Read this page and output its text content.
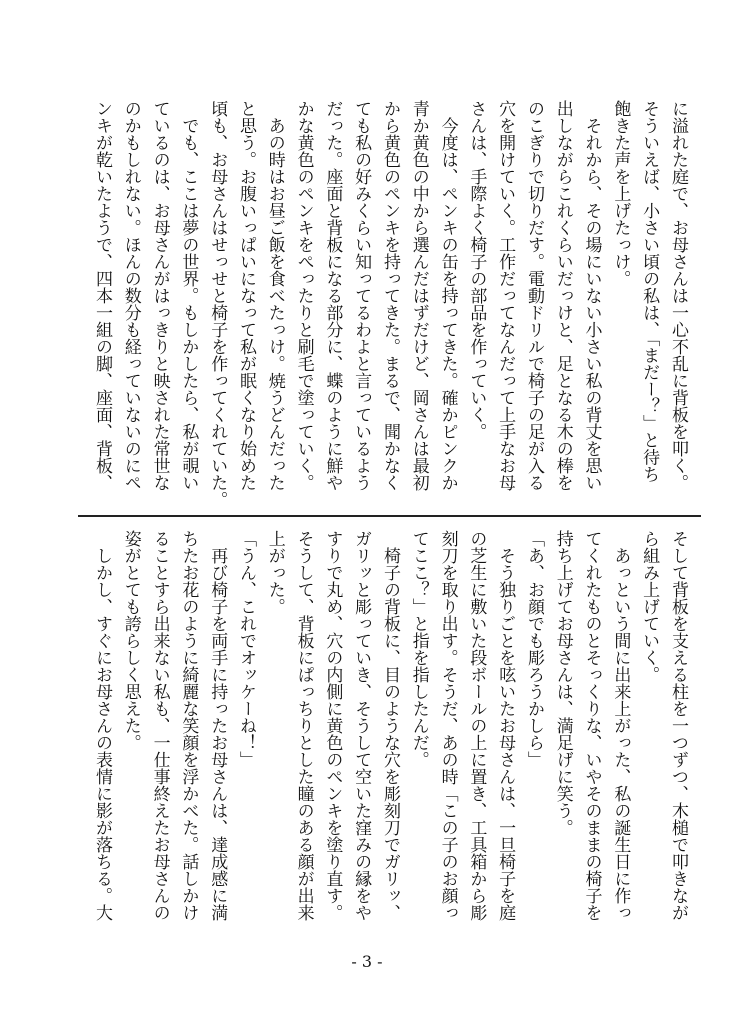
に溢れた庭で、お母さんは一心不乱に背板を叩く。
そういえば、小さい頃の私は、「まだー？」と待ち
飽きた声を上げたっけ。
　それから、その場にいない小さい私の背丈を思い
出しながらこれくらいだっけと、足となる木の棒を
のこぎりで切りだす。電動ドリルで椅子の足が入る
穴を開けていく。工作だってなんだって上手なお母
さんは、手際よく椅子の部品を作っていく。
　今度は、ペンキの缶を持ってきた。確かピンクか
青か黄色の中から選んだはずだけど、岡さんは最初
から黄色のペンキを持ってきた。まるで、聞かなく
ても私の好みくらい知ってるわよと言っているよう
だった。座面と背板になる部分に、蝶のように鮮や
かな黄色のペンキをぺったりと刷毛で塗っていく。
　あの時はお昼ご飯を食べたっけ。焼うどんだった
と思う。お腹いっぱいになって私が眠くなり始めた
頃も、お母さんはせっせと椅子を作ってくれていた。
　でも、ここは夢の世界。もしかしたら、私が覗い
ているのは、お母さんがはっきりと映された常世な
のかもしれない。ほんの数分も経っていないのにペ
ンキが乾いたようで、四本一組の脚、座面、背板、
そして背板を支える柱を一つずつ、木槌で叩きなが
ら組み上げていく。
　あっという間に出来上がった、私の誕生日に作っ
てくれたものとそっくりな、いやそのままの椅子を
持ち上げてお母さんは、満足げに笑う。
「あ、お顔でも彫ろうかしら」
　そう独りごとを呟いたお母さんは、一旦椅子を庭
の芝生に敷いた段ボールの上に置き、工具箱から彫
刻刀を取り出す。そうだ、あの時「この子のお顔っ
てここ？」と指を指したんだ。
　椅子の背板に、目のような穴を彫刻刀でガリッ、
ガリッと彫っていき、そうして空いた窪みの縁をや
すりで丸め、穴の内側に黄色のペンキを塗り直す。
そうして、背板にぱっちりとした瞳のある顔が出来
上がった。
「うん、これでオッケーね！」
　再び椅子を両手に持ったお母さんは、達成感に満
ちたお花のように綺麗な笑顔を浮かべた。話しかけ
ることすら出来ない私も、一仕事終えたお母さんの
姿がとても誇らしく思えた。
　しかし、すぐにお母さんの表情に影が落ちる。大
- 3 -
